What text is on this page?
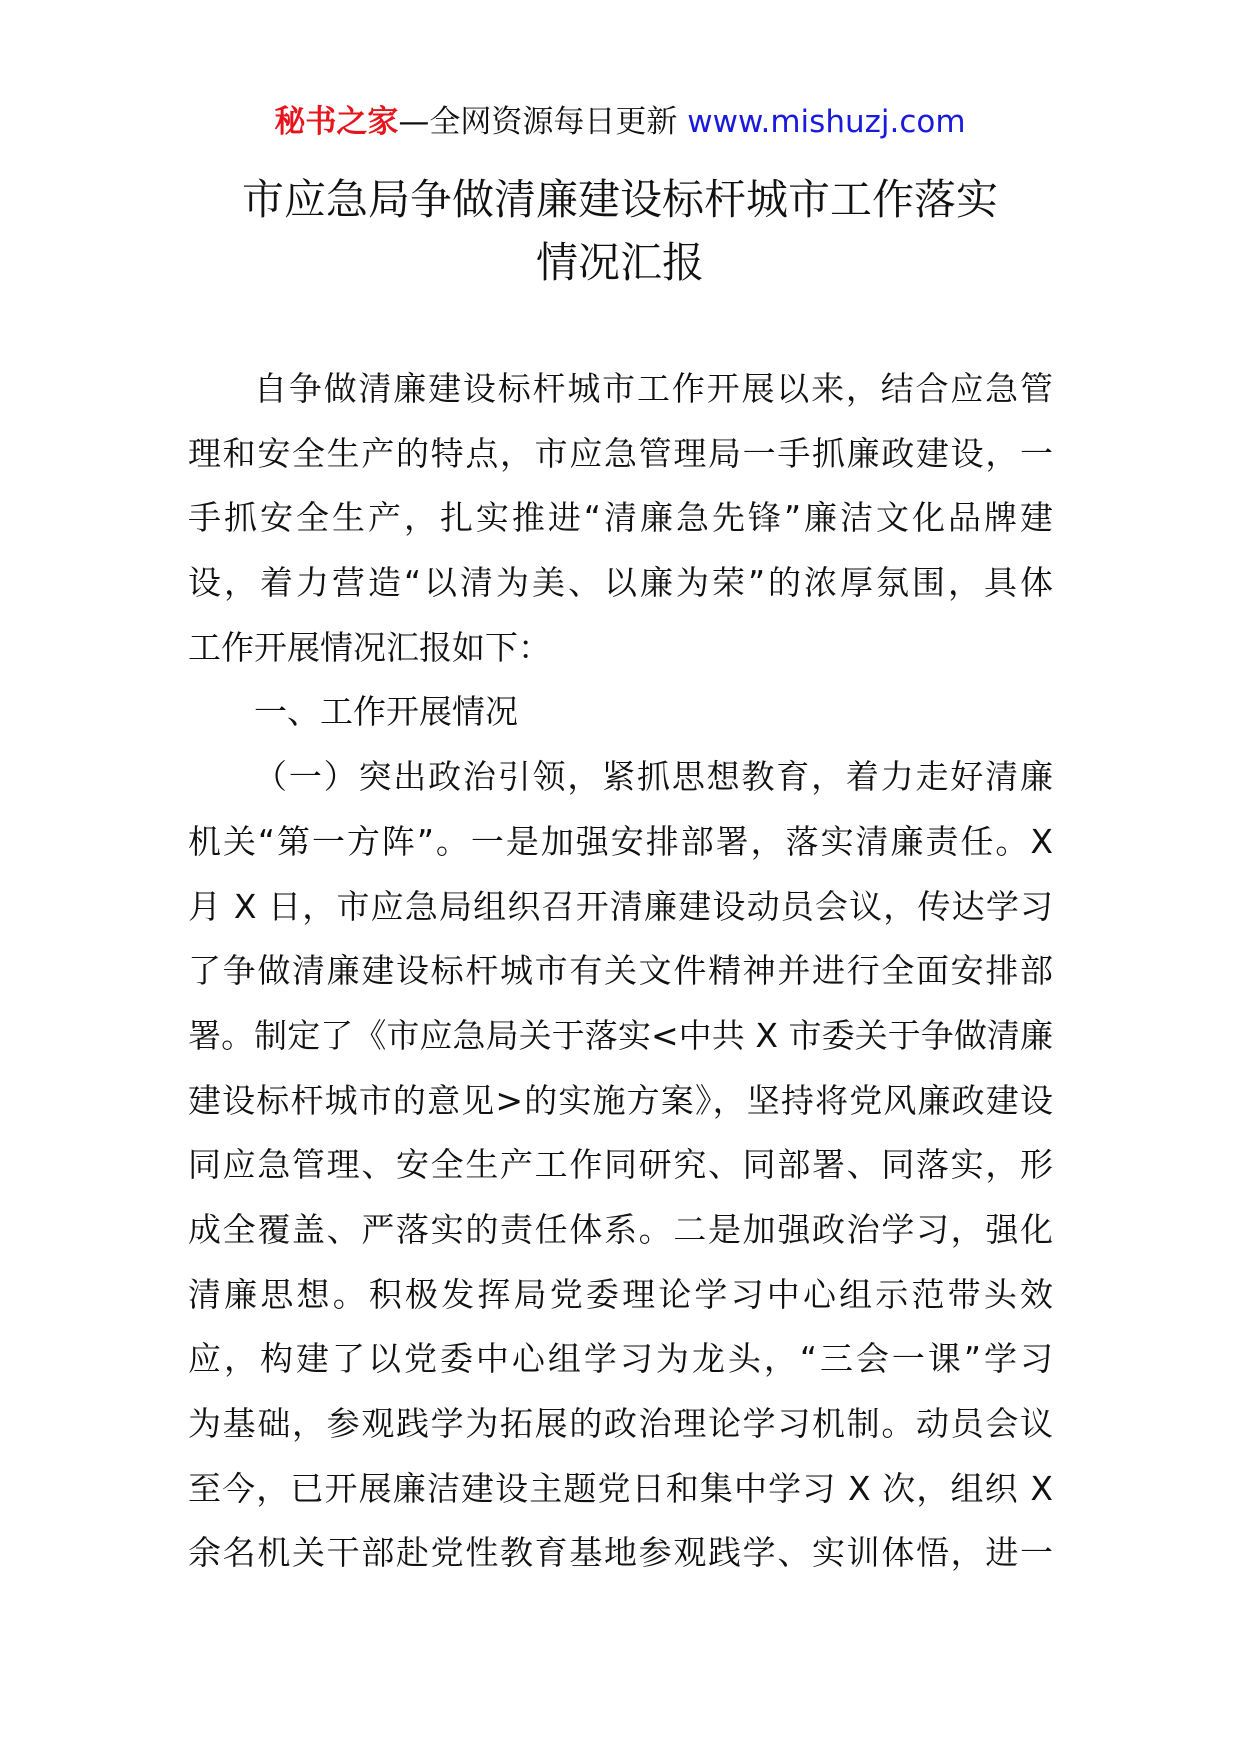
秘书之家—全网资源每日更新 www.mishuzj.com
市应急局争做清廉建设标杆城市工作落实
情况汇报
自争做清廉建设标杆城市工作开展以来，结合应急管
理和安全生产的特点，市应急管理局一手抓廉政建设，一
手抓安全生产，扎实推进“清廉急先锋”廉洁文化品牌建
设，着力营造“以清为美、以廉为荣”的浓厚氛围，具体
工作开展情况汇报如下：
一、工作开展情况
（一）突出政治引领，紧抓思想教育，着力走好清廉
机关“第一方阵”。一是加强安排部署，落实清廉责任。X
月 X 日，市应急局组织召开清廉建设动员会议，传达学习
了争做清廉建设标杆城市有关文件精神并进行全面安排部
署。制定了《市应急局关于落实<中共 X 市委关于争做清廉
建设标杆城市的意见>的实施方案》，坚持将党风廉政建设
同应急管理、安全生产工作同研究、同部署、同落实，形
成全覆盖、严落实的责任体系。二是加强政治学习，强化
清廉思想。积极发挥局党委理论学习中心组示范带头效
应，构建了以党委中心组学习为龙头，“三会一课”学习
为基础，参观践学为拓展的政治理论学习机制。动员会议
至今，已开展廉洁建设主题党日和集中学习 X 次，组织 X
余名机关干部赴党性教育基地参观践学、实训体悟，进一
